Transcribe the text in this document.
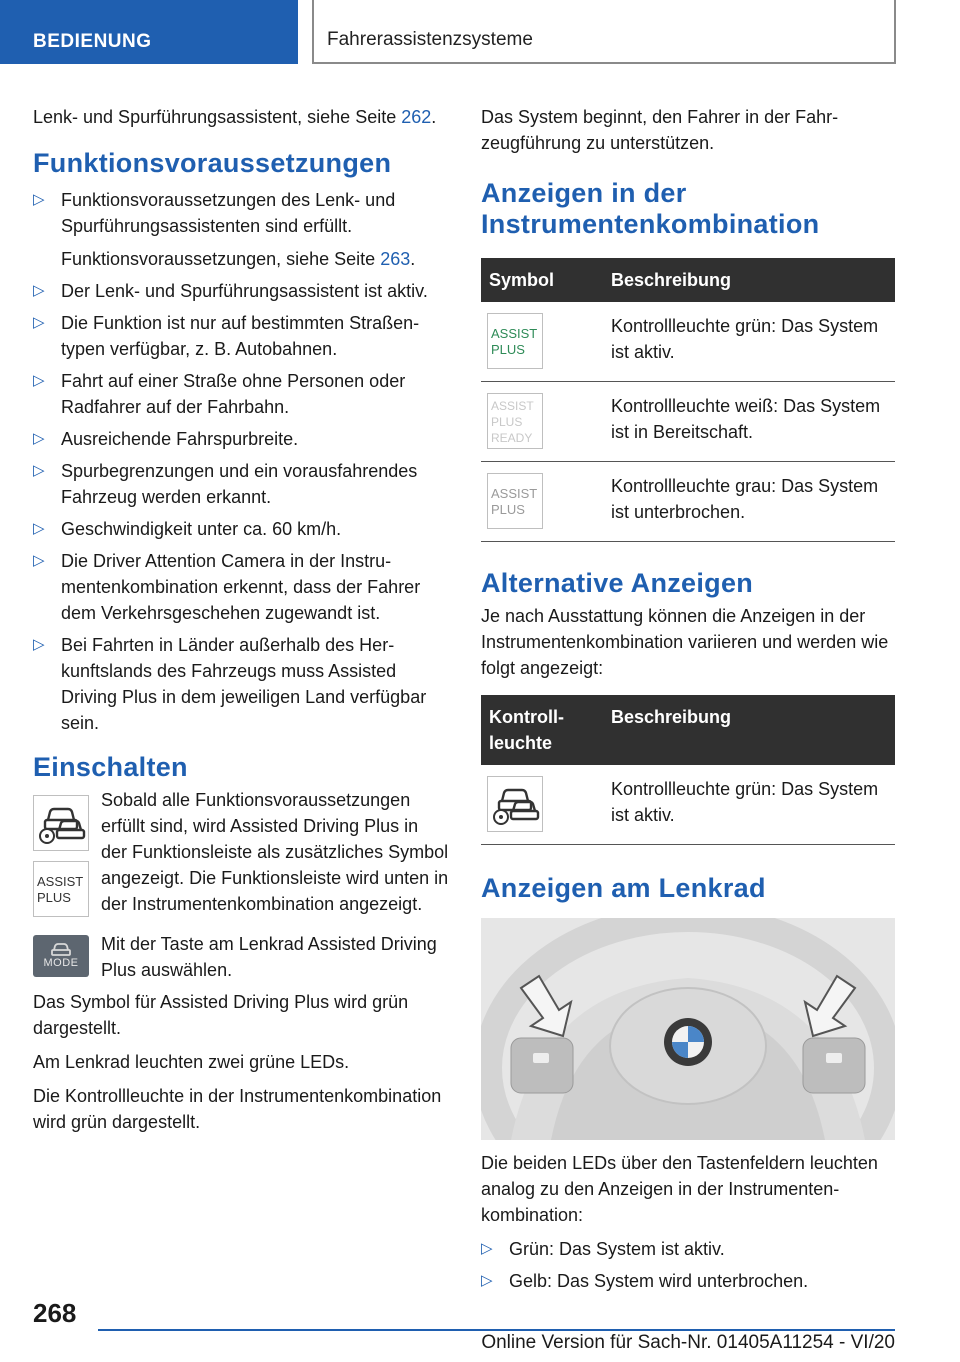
BEDIENUNG	Fahrerassistenzsysteme

Lenk- und Spurführungsassistent, siehe Seite 262.

Funktionsvoraussetzungen
▷ Funktionsvoraussetzungen des Lenk- und Spurführungsassistenten sind erfüllt.

Funktionsvoraussetzungen, siehe Seite 263.

▷ Der Lenk- und Spurführungsassistent ist aktiv.
▷ Die Funktion ist nur auf bestimmten Straßentypen verfügbar, z. B. Autobahnen.
▷ Fahrt auf einer Straße ohne Personen oder Radfahrer auf der Fahrbahn.
▷ Ausreichende Fahrspurbreite.
▷ Spurbegrenzungen und ein vorausfahrendes Fahrzeug werden erkannt.
▷ Geschwindigkeit unter ca. 60 km/h.
▷ Die Driver Attention Camera in der Instrumentenkombination erkennt, dass der Fahrer dem Verkehrsgeschehen zugewandt ist.
▷ Bei Fahrten in Länder außerhalb des Herkunftslands des Fahrzeugs muss Assisted Driving Plus in dem jeweiligen Land verfügbar sein.
Einschalten
ASSIST
PLUS

Sobald alle Funktionsvoraussetzungen erfüllt sind, wird Assisted Driving Plus in der Funktionsleiste als zusätzliches Symbol angezeigt. Die Funktionsleiste wird unten in der Instrumentenkombination angezeigt.

MODE

Mit der Taste am Lenkrad Assisted Driving Plus auswählen.

Das Symbol für Assisted Driving Plus wird grün dargestellt.

Am Lenkrad leuchten zwei grüne LEDs.

Die Kontrollleuchte in der Instrumentenkombination wird grün dargestellt.

Das System beginnt, den Fahrer in der Fahrzeugführung zu unterstützen.

Anzeigen in der Instrumentenkombination
Symbol	Beschreibung

ASSIST
PLUS	Kontrollleuchte grün: Das System ist aktiv.

ASSIST
PLUS
READY	Kontrollleuchte weiß: Das System ist in Bereitschaft.

ASSIST
PLUS	Kontrollleuchte grau: Das System ist unterbrochen.
Alternative Anzeigen

Je nach Ausstattung können die Anzeigen in der Instrumentenkombination variieren und werden wie folgt angezeigt:

Kontrollleuchte	Beschreibung

	Kontrollleuchte grün: Das System ist aktiv.
Anzeigen am Lenkrad

Die beiden LEDs über den Tastenfeldern leuchten analog zu den Anzeigen in der Instrumentenkombination:

▷ Grün: Das System ist aktiv.
▷ Gelb: Das System wird unterbrochen.
268
Online Version für Sach-Nr. 01405A11254 - VI/20
